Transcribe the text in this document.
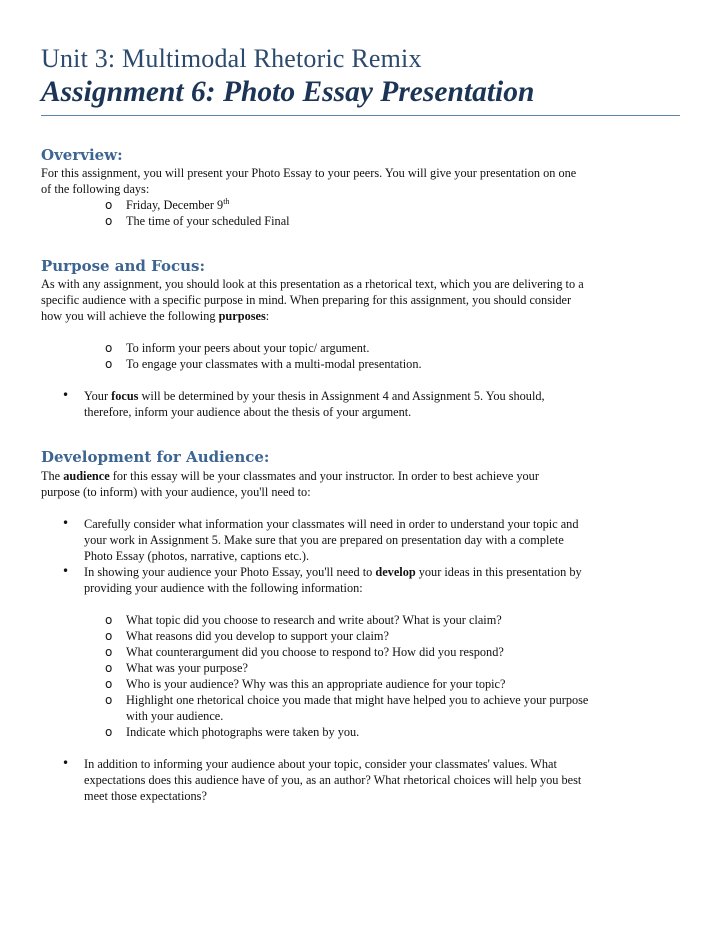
Unit 3: Multimodal Rhetoric Remix
Assignment 6: Photo Essay Presentation
Overview:
For this assignment, you will present your Photo Essay to your peers. You will give your presentation on one
of the following days:
o Friday, December 9th
o The time of your scheduled Final
Purpose and Focus:
As with any assignment, you should look at this presentation as a rhetorical text, which you are delivering to a
specific audience with a specific purpose in mind. When preparing for this assignment, you should consider
how you will achieve the following purposes:
o To inform your peers about your topic/ argument.
o To engage your classmates with a multi-modal presentation.
• Your focus will be determined by your thesis in Assignment 4 and Assignment 5. You should,
therefore, inform your audience about the thesis of your argument.
Development for Audience:
The audience for this essay will be your classmates and your instructor. In order to best achieve your
purpose (to inform) with your audience, you'll need to:
• Carefully consider what information your classmates will need in order to understand your topic and
your work in Assignment 5. Make sure that you are prepared on presentation day with a complete
Photo Essay (photos, narrative, captions etc.).
• In showing your audience your Photo Essay, you'll need to develop your ideas in this presentation by
providing your audience with the following information:
o What topic did you choose to research and write about? What is your claim?
o What reasons did you develop to support your claim?
o What counterargument did you choose to respond to? How did you respond?
o What was your purpose?
o Who is your audience? Why was this an appropriate audience for your topic?
o Highlight one rhetorical choice you made that might have helped you to achieve your purpose
with your audience.
o Indicate which photographs were taken by you.
• In addition to informing your audience about your topic, consider your classmates' values. What
expectations does this audience have of you, as an author? What rhetorical choices will help you best
meet those expectations?
